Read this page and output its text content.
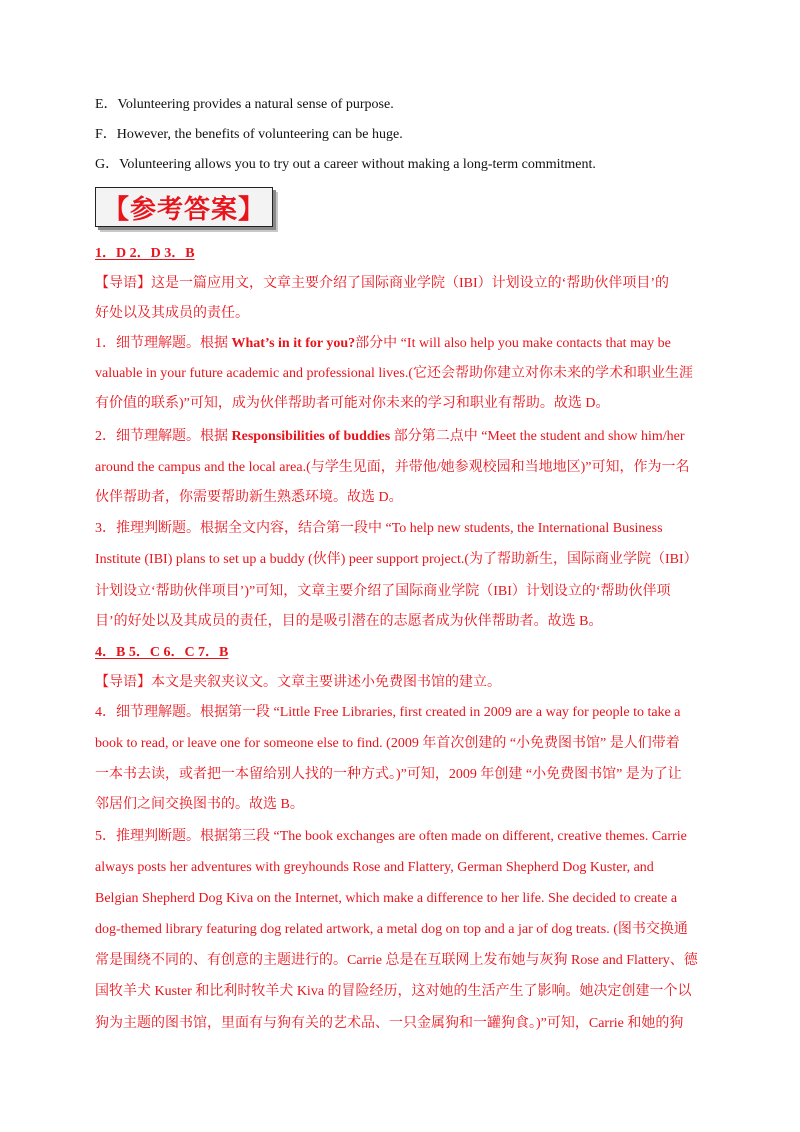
E．Volunteering provides a natural sense of purpose.
F．However, the benefits of volunteering can be huge.
G．Volunteering allows you to try out a career without making a long-term commitment.
【参考答案】
1．D 2．D 3．B
【导语】这是一篇应用文，文章主要介绍了国际商业学院（IBI）计划设立的‘帮助伙伴项目’的
好处以及其成员的责任。
1．细节理解题。根据 What’s in it for you?部分中 “It will also help you make contacts that may be
valuable in your future academic and professional lives.(它还会帮助你建立对你未来的学术和职业生涯
有价值的联系)”可知，成为伙伴帮助者可能对你未来的学习和职业有帮助。故选 D。
2．细节理解题。根据 Responsibilities of buddies 部分第二点中 “Meet the student and show him/her
around the campus and the local area.(与学生见面，并带他/她参观校园和当地地区)”可知，作为一名
伙伴帮助者，你需要帮助新生熟悉环境。故选 D。
3．推理判断题。根据全文内容，结合第一段中 “To help new students, the International Business
Institute (IBI) plans to set up a buddy (伙伴) peer support project.(为了帮助新生，国际商业学院（IBI）
计划设立‘帮助伙伴项目’)”可知，文章主要介绍了国际商业学院（IBI）计划设立的‘帮助伙伴项
目’的好处以及其成员的责任，目的是吸引潜在的志愿者成为伙伴帮助者。故选 B。
4．B 5．C 6．C 7．B
【导语】本文是夹叙夹议文。文章主要讲述小免费图书馆的建立。
4．细节理解题。根据第一段 “Little Free Libraries, first created in 2009 are a way for people to take a
book to read, or leave one for someone else to find. (2009 年首次创建的 “小免费图书馆” 是人们带着
一本书去读，或者把一本留给别人找的一种方式。)”可知，2009 年创建 “小免费图书馆” 是为了让
邻居们之间交换图书的。故选 B。
5．推理判断题。根据第三段 “The book exchanges are often made on different, creative themes. Carrie
always posts her adventures with greyhounds Rose and Flattery, German Shepherd Dog Kuster, and
Belgian Shepherd Dog Kiva on the Internet, which make a difference to her life. She decided to create a
dog-themed library featuring dog related artwork, a metal dog on top and a jar of dog treats. (图书交换通
常是围绕不同的、有创意的主题进行的。Carrie 总是在互联网上发布她与灰狗 Rose and Flattery、德
国牧羊犬 Kuster 和比利时牧羊犬 Kiva 的冒险经历，这对她的生活产生了影响。她决定创建一个以
狗为主题的图书馆，里面有与狗有关的艺术品、一只金属狗和一罐狗食。)”可知，Carrie 和她的狗
